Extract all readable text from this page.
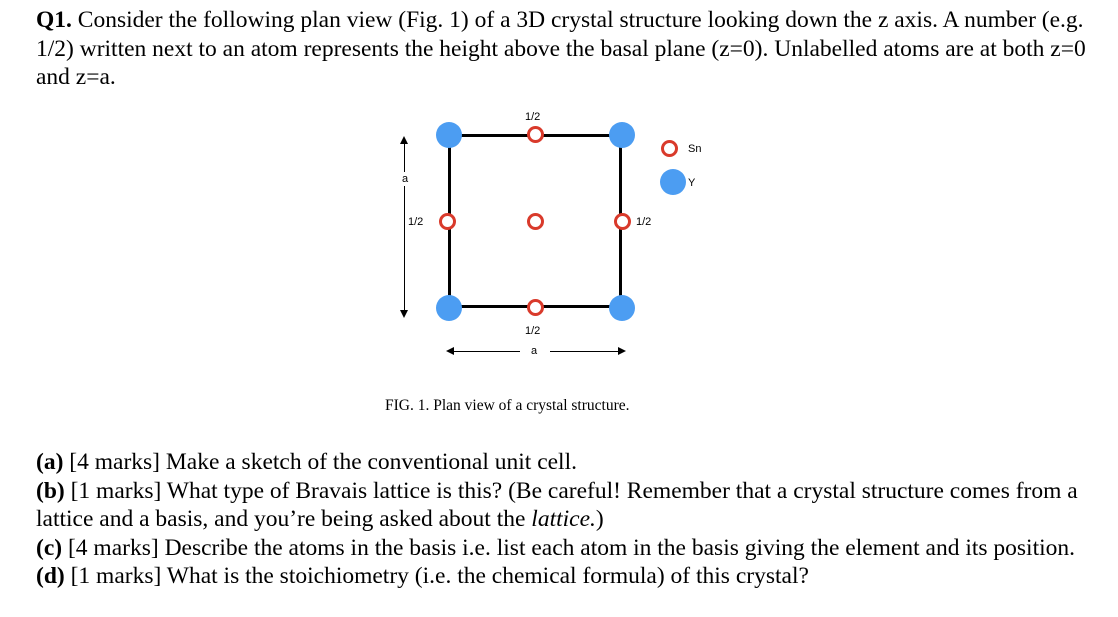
Q1. Consider the following plan view (Fig. 1) of a 3D crystal structure looking down the z axis. A number (e.g. 1/2) written next to an atom represents the height above the basal plane (z=0). Unlabelled atoms are at both z=0 and z=a.
a
1/2
1/2	1/2
1/2
a
Sn
Y
FIG. 1. Plan view of a crystal structure.

(a) [4 marks] Make a sketch of the conventional unit cell.

(b) [1 marks] What type of Bravais lattice is this? (Be careful! Remember that a crystal structure comes from a lattice and a basis, and you’re being asked about the lattice.)

(c) [4 marks] Describe the atoms in the basis i.e. list each atom in the basis giving the element and its position.

(d) [1 marks] What is the stoichiometry (i.e. the chemical formula) of this crystal?
